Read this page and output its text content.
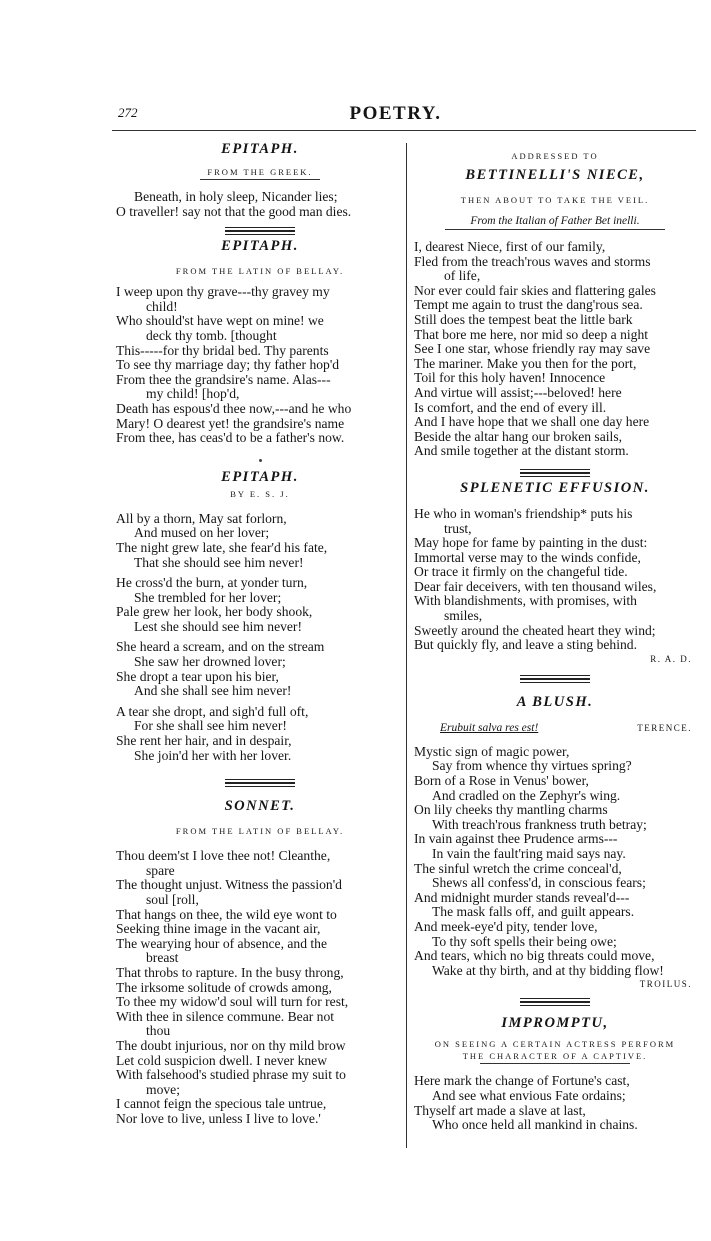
272	POETRY.

EPITAPH.

FROM THE GREEK.

Beneath, in holy sleep, Nicander lies;
O traveller! say not that the good man dies.

EPITAPH.

FROM THE LATIN OF BELLAY.

I weep upon thy grave---thy gravey my
child!
Who should'st have wept on mine! we
deck thy tomb. [thought
This-----for thy bridal bed. Thy parents
To see thy marriage day; thy father hop'd
From thee the grandsire's name. Alas---
my child! [hop'd,
Death has espous'd thee now,---and he who
Mary! O dearest yet! the grandsire's name
From thee, has ceas'd to be a father's now.

EPITAPH.

BY E. S. J.

All by a thorn, May sat forlorn,
And mused on her lover;
The night grew late, she fear'd his fate,
That she should see him never!
He cross'd the burn, at yonder turn,
She trembled for her lover;
Pale grew her look, her body shook,
Lest she should see him never!
She heard a scream, and on the stream
She saw her drowned lover;
She dropt a tear upon his bier,
And she shall see him never!
A tear she dropt, and sigh'd full oft,
For she shall see him never!
She rent her hair, and in despair,
She join'd her with her lover.

SONNET.

FROM THE LATIN OF BELLAY.

Thou deem'st I love thee not! Cleanthe,
spare
The thought unjust. Witness the passion'd
soul [roll,
That hangs on thee, the wild eye wont to
Seeking thine image in the vacant air,
The wearying hour of absence, and the
breast
That throbs to rapture. In the busy throng,
The irksome solitude of crowds among,
To thee my widow'd soul will turn for rest,
With thee in silence commune. Bear not
thou
The doubt injurious, nor on thy mild brow
Let cold suspicion dwell. I never knew
With falsehood's studied phrase my suit to
move;
I cannot feign the specious tale untrue,
Nor love to live, unless I live to love.'

ADDRESSED TO

BETTINELLI'S NIECE,

THEN ABOUT TO TAKE THE VEIL.

From the Italian of Father Bet inelli.

I, dearest Niece, first of our family,
Fled from the treach'rous waves and storms
of life,
Nor ever could fair skies and flattering gales
Tempt me again to trust the dang'rous sea.
Still does the tempest beat the little bark
That bore me here, nor mid so deep a night
See I one star, whose friendly ray may save
The mariner. Make you then for the port,
Toil for this holy haven! Innocence
And virtue will assist;---beloved! here
Is comfort, and the end of every ill.
And I have hope that we shall one day here
Beside the altar hang our broken sails,
And smile together at the distant storm.

SPLENETIC EFFUSION.

He who in woman's friendship* puts his
trust,
May hope for fame by painting in the dust:
Immortal verse may to the winds confide,
Or trace it firmly on the changeful tide.
Dear fair deceivers, with ten thousand wiles,
With blandishments, with promises, with
smiles,
Sweetly around the cheated heart they wind;
But quickly fly, and leave a sting behind.

R. A. D.

A BLUSH.

Erubuit salva res est!	TERENCE.
Mystic sign of magic power,
Say from whence thy virtues spring?
Born of a Rose in Venus' bower,
And cradled on the Zephyr's wing.
On lily cheeks thy mantling charms
With treach'rous frankness truth betray;
In vain against thee Prudence arms---
In vain the fault'ring maid says nay.
The sinful wretch the crime conceal'd,
Shews all confess'd, in conscious fears;
And midnight murder stands reveal'd---
The mask falls off, and guilt appears.
And meek-eye'd pity, tender love,
To thy soft spells their being owe;
And tears, which no big threats could move,
Wake at thy birth, and at thy bidding flow!

TROILUS.

IMPROMPTU,

ON SEEING A CERTAIN ACTRESS PERFORM

THE CHARACTER OF A CAPTIVE.

Here mark the change of Fortune's cast,
And see what envious Fate ordains;
Thyself art made a slave at last,
Who once held all mankind in chains.
